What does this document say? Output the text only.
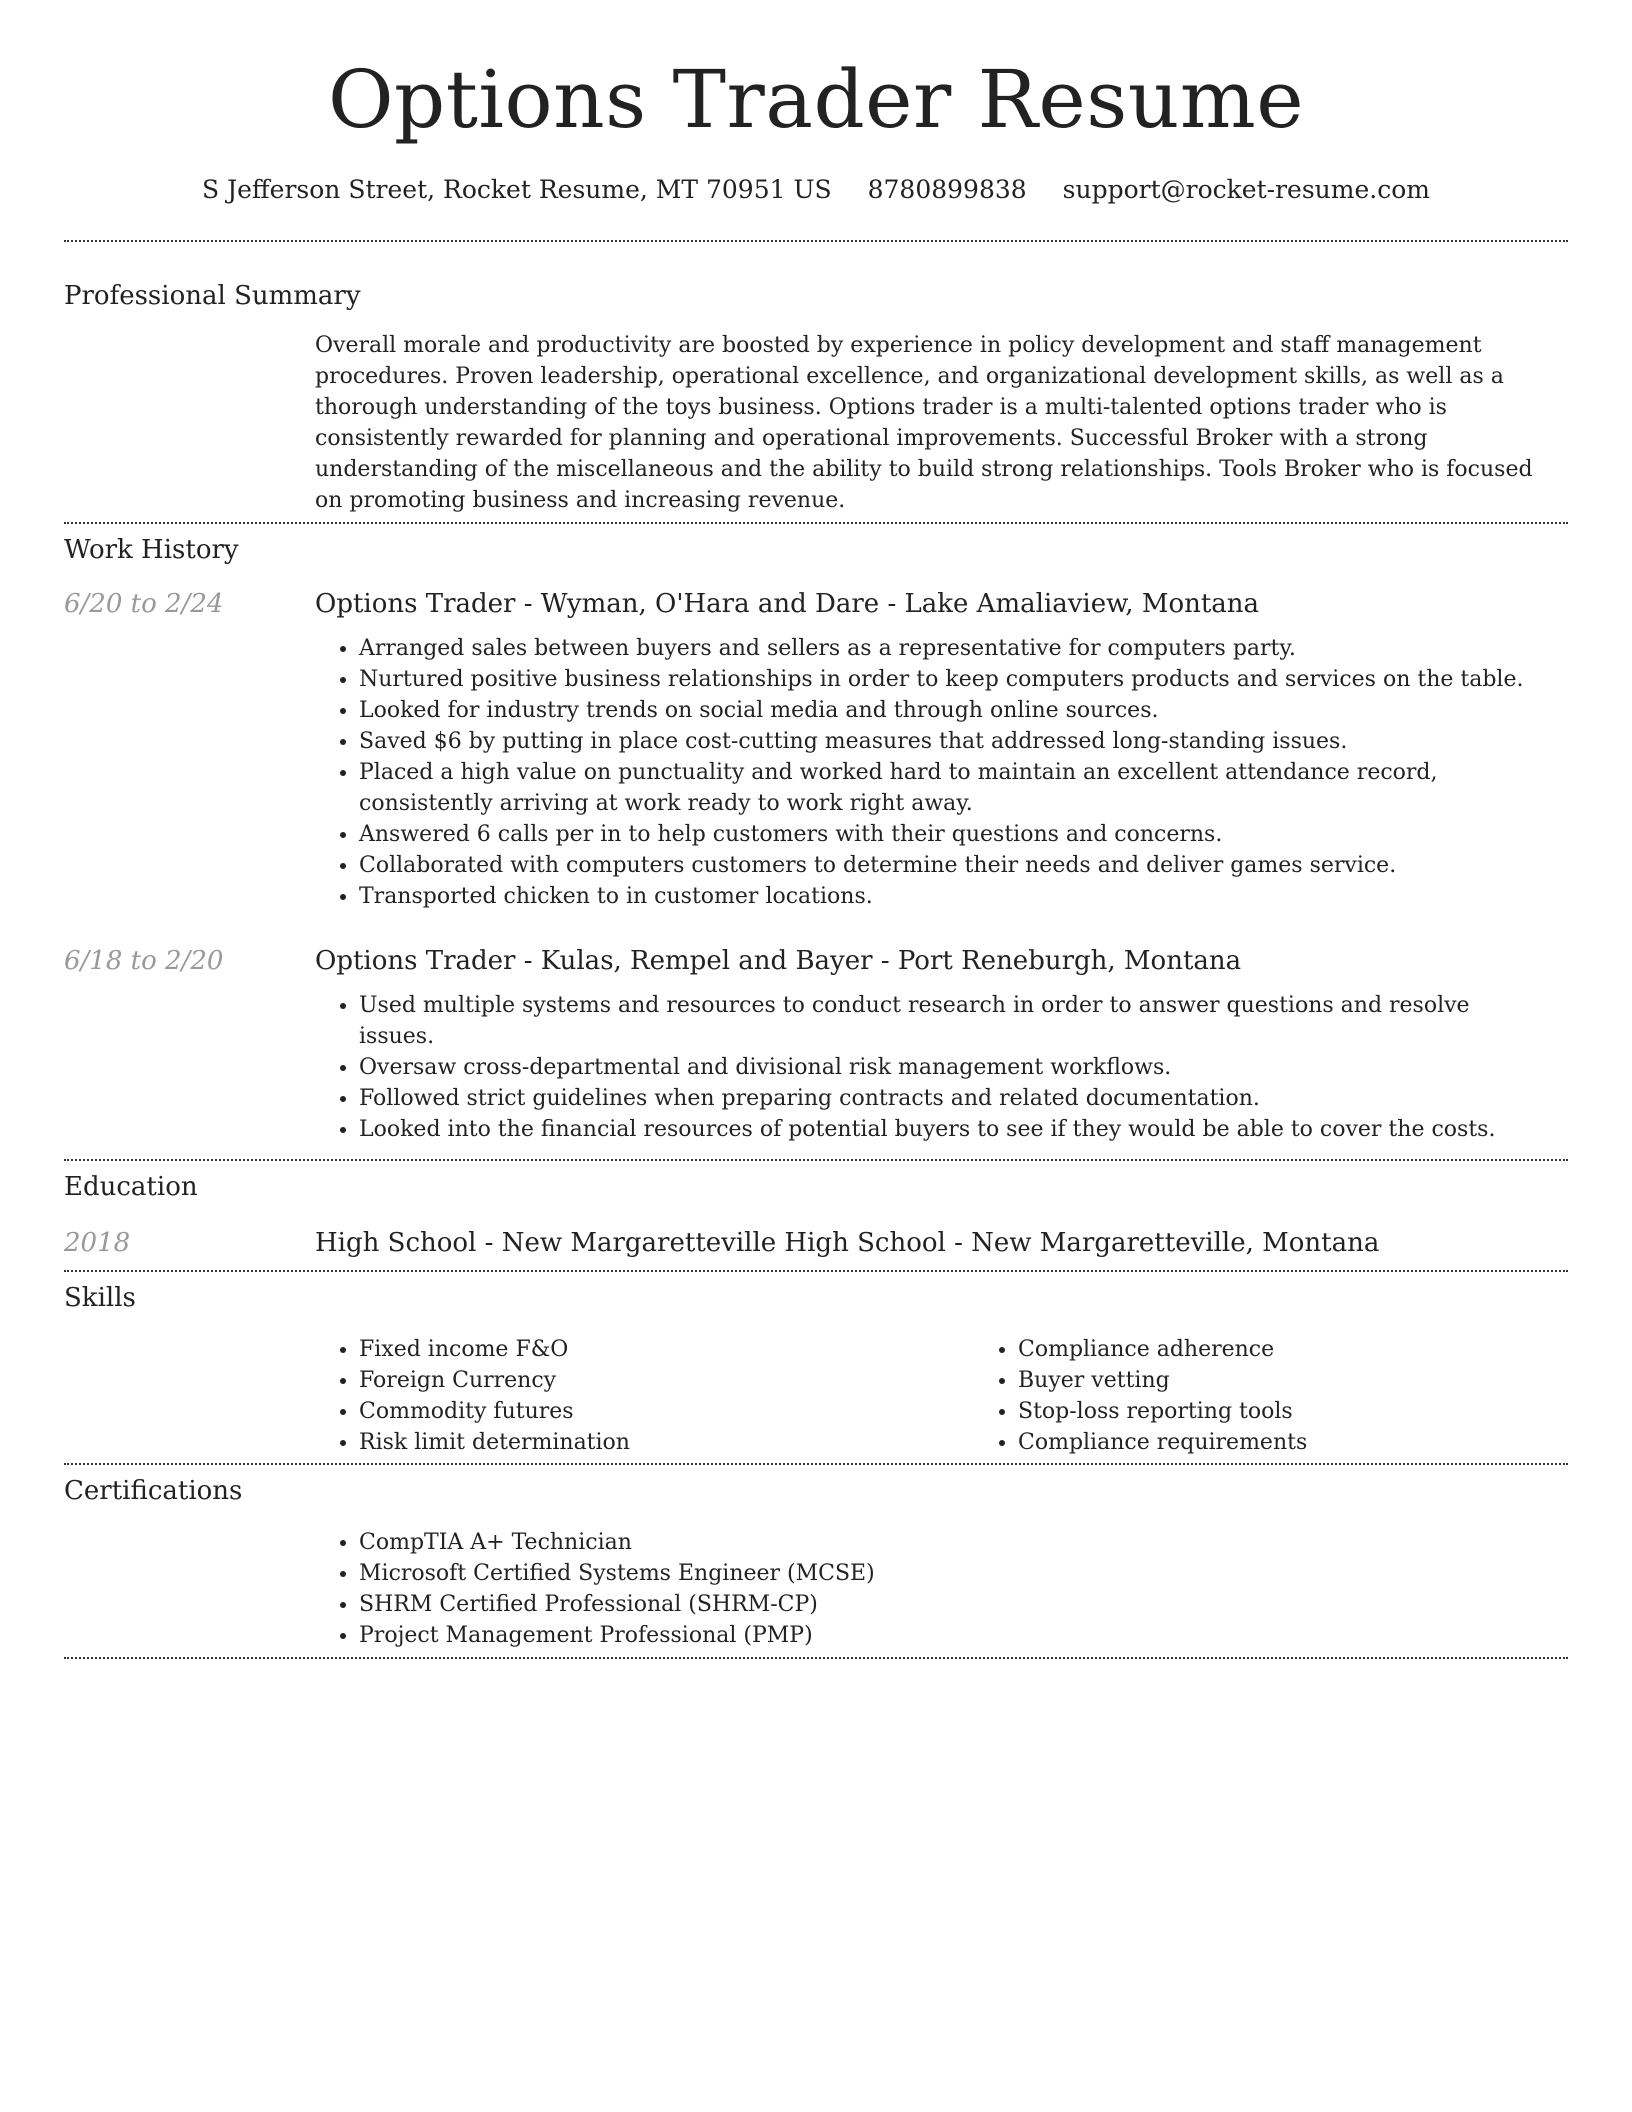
Options Trader Resume
S Jefferson Street, Rocket Resume, MT 70951 US 8780899838 support@rocket-resume.com
Professional Summary
Overall morale and productivity are boosted by experience in policy development and staff management procedures. Proven leadership, operational excellence, and organizational development skills, as well as a thorough understanding of the toys business. Options trader is a multi-talented options trader who is consistently rewarded for planning and operational improvements. Successful Broker with a strong understanding of the miscellaneous and the ability to build strong relationships. Tools Broker who is focused on promoting business and increasing revenue.
Work History
6/20 to 2/24	Options Trader - Wyman, O'Hara and Dare - Lake Amaliaview, Montana
• Arranged sales between buyers and sellers as a representative for computers party.
• Nurtured positive business relationships in order to keep computers products and services on the table.
• Looked for industry trends on social media and through online sources.
• Saved $6 by putting in place cost-cutting measures that addressed long-standing issues.
• Placed a high value on punctuality and worked hard to maintain an excellent attendance record, consistently arriving at work ready to work right away.
• Answered 6 calls per in to help customers with their questions and concerns.
• Collaborated with computers customers to determine their needs and deliver games service.
• Transported chicken to in customer locations.
6/18 to 2/20	Options Trader - Kulas, Rempel and Bayer - Port Reneburgh, Montana
• Used multiple systems and resources to conduct research in order to answer questions and resolve issues.
• Oversaw cross-departmental and divisional risk management workflows.
• Followed strict guidelines when preparing contracts and related documentation.
• Looked into the financial resources of potential buyers to see if they would be able to cover the costs.
Education
2018	High School - New Margaretteville High School - New Margaretteville, Montana
Skills
• Fixed income F&O
• Foreign Currency
• Commodity futures
• Risk limit determination
• Compliance adherence
• Buyer vetting
• Stop-loss reporting tools
• Compliance requirements
Certifications
• CompTIA A+ Technician
• Microsoft Certified Systems Engineer (MCSE)
• SHRM Certified Professional (SHRM-CP)
• Project Management Professional (PMP)
